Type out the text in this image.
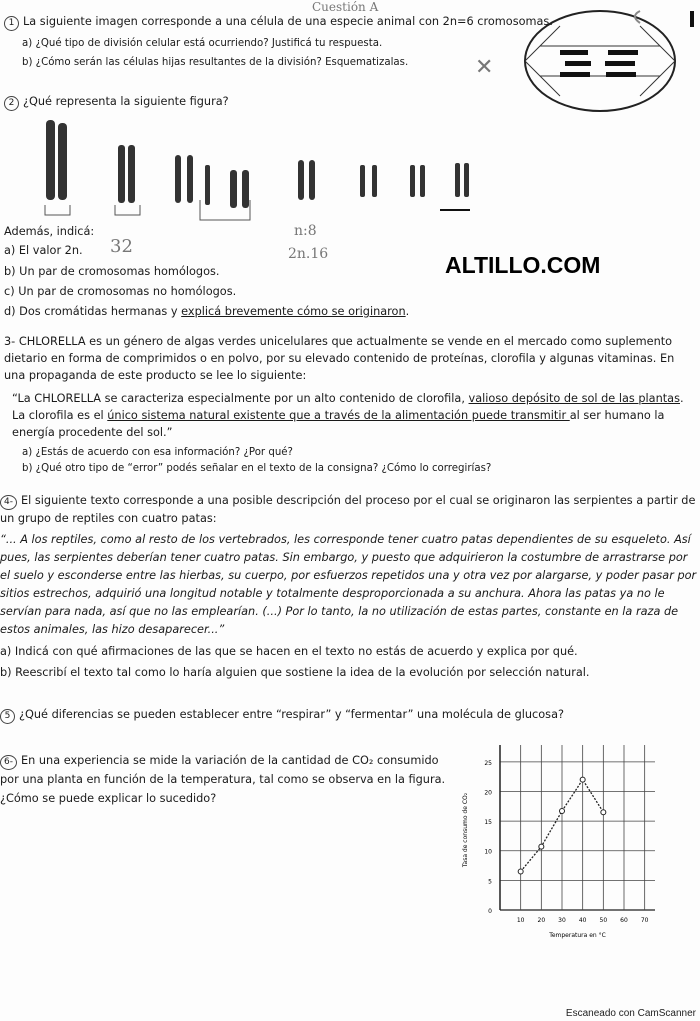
Cuestión A
1 La siguiente imagen corresponde a una célula de una especie animal con 2n=6 cromosomas.
a) ¿Qué tipo de división celular está ocurriendo? Justificá tu respuesta.
b) ¿Cómo serán las células hijas resultantes de la división? Esquematizalas.	✕
2 ¿Qué representa la siguiente figura?
Además, indicá:
a) El valor 2n. 32
n:8
2n.16
b) Un par de cromosomas homólogos.
c) Un par de cromosomas no homólogos.
d) Dos cromátidas hermanas y explicá brevemente cómo se originaron.
ALTILLO.COM
3- CHLORELLA es un género de algas verdes unicelulares que actualmente se vende en el mercado como suplemento
dietario en forma de comprimidos o en polvo, por su elevado contenido de proteínas, clorofila y algunas vitaminas. En
una propaganda de este producto se lee lo siguiente:
“La CHLORELLA se caracteriza especialmente por un alto contenido de clorofila, valioso depósito de sol de las plantas.
La clorofila es el único sistema natural existente que a través de la alimentación puede transmitir al ser humano la
energía procedente del sol.”
a) ¿Estás de acuerdo con esa información? ¿Por qué?
b) ¿Qué otro tipo de “error” podés señalar en el texto de la consigna? ¿Cómo lo corregirías?
4- El siguiente texto corresponde a una posible descripción del proceso por el cual se originaron las serpientes a partir de
un grupo de reptiles con cuatro patas:
“... A los reptiles, como al resto de los vertebrados, les corresponde tener cuatro patas dependientes de su esqueleto. Así
pues, las serpientes deberían tener cuatro patas. Sin embargo, y puesto que adquirieron la costumbre de arrastrarse por
el suelo y esconderse entre las hierbas, su cuerpo, por esfuerzos repetidos una y otra vez por alargarse, y poder pasar por
sitios estrechos, adquirió una longitud notable y totalmente desproporcionada a su anchura. Ahora las patas ya no le
servían para nada, así que no las emplearían. (...) Por lo tanto, la no utilización de estas partes, constante en la raza de
estos animales, las hizo desaparecer...”
a) Indicá con qué afirmaciones de las que se hacen en el texto no estás de acuerdo y explica por qué.
b) Reescribí el texto tal como lo haría alguien que sostiene la idea de la evolución por selección natural.
5 ¿Qué diferencias se pueden establecer entre “respirar” y “fermentar” una molécula de glucosa?
6- En una experiencia se mide la variación de la cantidad de CO₂ consumido
por una planta en función de la temperatura, tal como se observa en la figura.
¿Cómo se puede explicar lo sucedido?
0
5
10
15
20
25
10 20 30 40 50 60 70
Temperatura en °C
Tasa de consumo de CO₂
Escaneado con CamScanner
